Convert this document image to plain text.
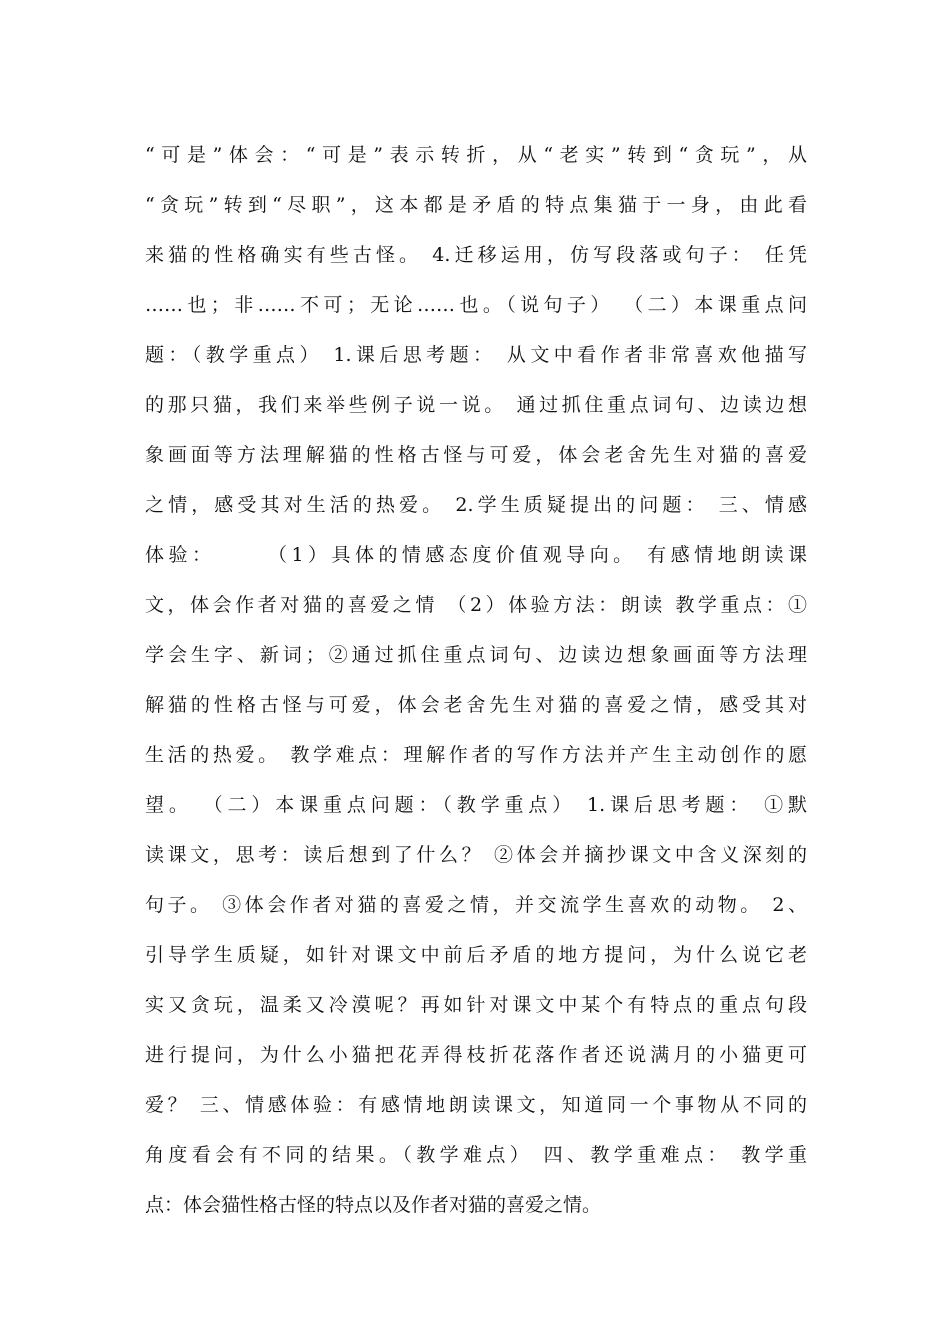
“可是”体会：“可是”表示转折，从“老实”转到“贪玩”，从
“贪玩”转到“尽职”，这本都是矛盾的特点集猫于一身，由此看
来猫的性格确实有些古怪。 4.迁移运用，仿写段落或句子： 任凭
……也；非……不可；无论……也。（说句子） （二）本课重点问
题：（教学重点） 1.课后思考题： 从文中看作者非常喜欢他描写
的那只猫，我们来举些例子说一说。 通过抓住重点词句、边读边想
象画面等方法理解猫的性格古怪与可爱，体会老舍先生对猫的喜爱
之情，感受其对生活的热爱。 2.学生质疑提出的问题： 三、情感
体验：     （1）具体的情感态度价值观导向。 有感情地朗读课
文，体会作者对猫的喜爱之情 （2）体验方法：朗读 教学重点：①
学会生字、新词；②通过抓住重点词句、边读边想象画面等方法理
解猫的性格古怪与可爱，体会老舍先生对猫的喜爱之情，感受其对
生活的热爱。 教学难点：理解作者的写作方法并产生主动创作的愿
望。 （二）本课重点问题：（教学重点） 1.课后思考题： ①默
读课文，思考：读后想到了什么？ ②体会并摘抄课文中含义深刻的
句子。 ③体会作者对猫的喜爱之情，并交流学生喜欢的动物。 2、
引导学生质疑，如针对课文中前后矛盾的地方提问，为什么说它老
实又贪玩，温柔又冷漠呢？再如针对课文中某个有特点的重点句段
进行提问，为什么小猫把花弄得枝折花落作者还说满月的小猫更可
爱？ 三、情感体验：有感情地朗读课文，知道同一个事物从不同的
角度看会有不同的结果。（教学难点） 四、教学重难点： 教学重
点：体会猫性格古怪的特点以及作者对猫的喜爱之情。
